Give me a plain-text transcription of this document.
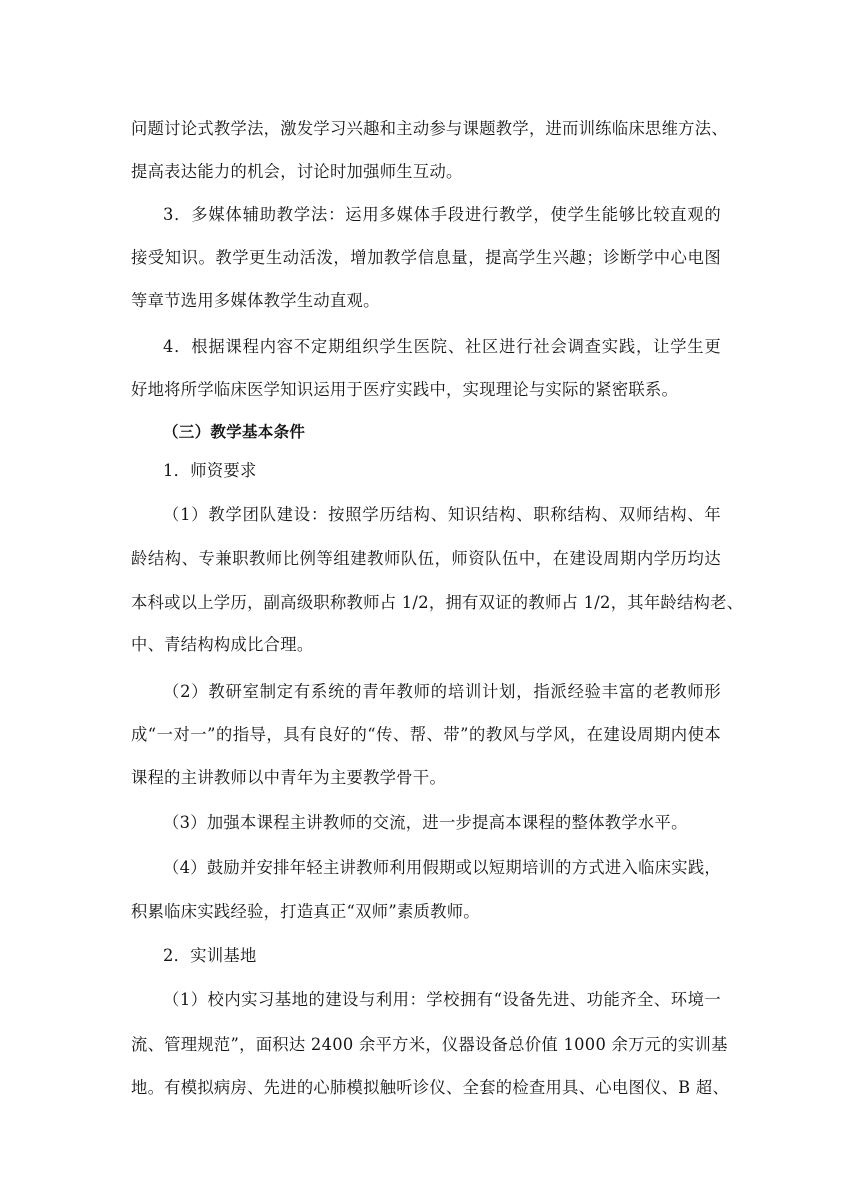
问题讨论式教学法，激发学习兴趣和主动参与课题教学，进而训练临床思维方法、
提高表达能力的机会，讨论时加强师生互动。
3．多媒体辅助教学法：运用多媒体手段进行教学，使学生能够比较直观的
接受知识。教学更生动活泼，增加教学信息量，提高学生兴趣；诊断学中心电图
等章节选用多媒体教学生动直观。
4．根据课程内容不定期组织学生医院、社区进行社会调查实践，让学生更
好地将所学临床医学知识运用于医疗实践中，实现理论与实际的紧密联系。
（三）教学基本条件
1．师资要求
（1）教学团队建设：按照学历结构、知识结构、职称结构、双师结构、年
龄结构、专兼职教师比例等组建教师队伍，师资队伍中，在建设周期内学历均达
本科或以上学历，副高级职称教师占 1/2，拥有双证的教师占 1/2，其年龄结构老、
中、青结构构成比合理。
（2）教研室制定有系统的青年教师的培训计划，指派经验丰富的老教师形
成“一对一”的指导，具有良好的“传、帮、带”的教风与学风，在建设周期内使本
课程的主讲教师以中青年为主要教学骨干。
（3）加强本课程主讲教师的交流，进一步提高本课程的整体教学水平。
（4）鼓励并安排年轻主讲教师利用假期或以短期培训的方式进入临床实践，
积累临床实践经验，打造真正“双师”素质教师。
2．实训基地
（1）校内实习基地的建设与利用：学校拥有“设备先进、功能齐全、环境一
流、管理规范”，面积达 2400 余平方米，仪器设备总价值 1000 余万元的实训基
地。有模拟病房、先进的心肺模拟触听诊仪、全套的检查用具、心电图仪、B 超、
